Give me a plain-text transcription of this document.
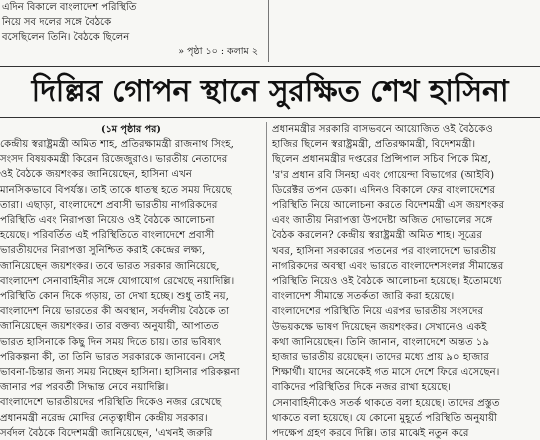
এদিন বিকালে বাংলাদেশ পরিস্থিতি
নিয়ে সব দলের সঙ্গে বৈঠকে
বসেছিলেন তিনি। বৈঠকে ছিলেন
» পৃষ্ঠা ১০ : কলাম ২
দিল্লির গোপন স্থানে সুরক্ষিত শেখ হাসিনা
(১ম পৃষ্ঠার পর)
কেন্দ্রীয় স্বরাষ্ট্রমন্ত্রী অমিত শাহ, প্রতিরক্ষামন্ত্রী রাজনাথ সিংহ,
সংসদ বিষয়কমন্ত্রী কিরেন রিজেজুরাও। ভারতীয় নেতাদের
ওই বৈঠকে জয়শংকর জানিয়েছেন, হাসিনা এখন
মানসিকভাবে বিপর্যস্ত। তাই তাকে ধাতস্থ হতে সময় দিয়েছে
তারা। এছাড়া, বাংলাদেশে প্রবাসী ভারতীয় নাগরিকদের
পরিস্থিতি এবং নিরাপত্তা নিয়েও ওই বৈঠকে আলোচনা
হয়েছে। পরিবর্তিত এই পরিস্থিতিতে বাংলাদেশে প্রবাসী
ভারতীয়দের নিরাপত্তা সুনিশ্চিত করাই কেন্দ্রের লক্ষ্য,
জানিয়েছেন জয়শংকর। তবে ভারত সরকার জানিয়েছে,
বাংলাদেশ সেনাবাহিনীর সঙ্গে যোগাযোগ রেখেছে নয়াদিল্লি।
পরিস্থিতি কোন দিকে গড়ায়, তা দেখা হচ্ছে। শুধু তাই নয়,
বাংলাদেশ নিয়ে ভারতের কী অবস্থান, সর্বদলীয় বৈঠকে তা
জানিয়েছেন জয়শংকর। তার বক্তব্য অনুযায়ী, আপাতত
ভারত হাসিনাকে কিছু দিন সময় দিতে চায়। তার ভবিষ্যৎ
পরিকল্পনা কী, তা তিনি ভারত সরকারকে জানাবেন। সেই
ভাবনা-চিন্তার জন্য সময় নিচ্ছেন হাসিনা। হাসিনার পরিকল্পনা
জানার পর পরবর্তী সিদ্ধান্ত নেবে নয়াদিল্লি।
বাংলাদেশে ভারতীয়দের পরিস্থিতি দিকেও নজর রেখেছে
প্রধানমন্ত্রী নরেন্দ্র মোদির নেতৃত্বাধীন কেন্দ্রীয় সরকার।
সর্বদল বৈঠকে বিদেশমন্ত্রী জানিয়েছেন, 'এখনই জরুরি
প্রধানমন্ত্রীর সরকারি বাসভবনে আয়োজিত ওই বৈঠকেও
হাজির ছিলেন স্বরাষ্ট্রমন্ত্রী, প্রতিরক্ষামন্ত্রী, বিদেশমন্ত্রী।
ছিলেন প্রধানমন্ত্রীর দপ্তরের প্রিন্সিপাল সচিব পিকে মিশ্র,
'র'র প্রধান রবি সিনহা এবং গোয়েন্দা বিভাগের (আইবি)
ডিরেক্টর তপন ডেকা। এদিনও বিকালে ফের বাংলাদেশের
পরিস্থিতি নিয়ে আলোচনা করতে বিদেশমন্ত্রী এস জয়শংকর
এবং জাতীয় নিরাপত্তা উপদেষ্টা অজিত দোভালের সঙ্গে
বৈঠক করলেন? কেন্দ্রীয় স্বরাষ্ট্রমন্ত্রী অমিত শাহ। সূত্রের
খবর, হাসিনা সরকারের পতনের পর বাংলাদেশে ভারতীয়
নাগরিকদের অবস্থা এবং ভারতে বাংলাদেশসংলগ্ন সীমান্তের
পরিস্থিতি নিয়েও ওই বৈঠকে আলোচনা হয়েছে। ইতোমধ্যে
বাংলাদেশ সীমান্তে সতর্কতা জারি করা হয়েছে।
বাংলাদেশের পরিস্থিতি নিয়ে এরপর ভারতীয় সংসদের
উভয়কক্ষে ভাষণ দিয়েছেন জয়শংকর। সেখানেও একই
কথা জানিয়েছেন। তিনি জানান, বাংলাদেশে অন্তত ১৯
হাজার ভারতীয় রয়েছেন। তাদের মধ্যে প্রায় ৯০ হাজার
শিক্ষার্থী। যাদের অনেকেই গত মাসে দেশে ফিরে এসেছেন।
বাকিদের পরিস্থিতির দিকে নজর রাখা হয়েছে।
সেনাবাহিনীকেও সতর্ক থাকতে বলা হয়েছে। তাদের প্রস্তুত
থাকতে বলা হয়েছে। যে কোনো মুহূর্তে পরিস্থিতি অনুযায়ী
পদক্ষেপ গ্রহণ করবে দিল্লি। তার মাঝেই নতুন করে
